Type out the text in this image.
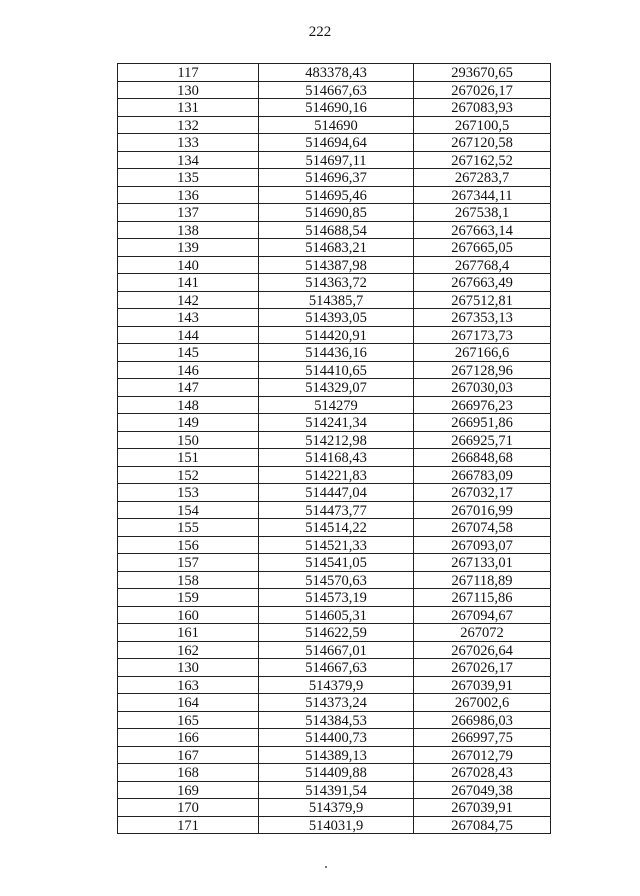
222
117	483378,43	293670,65
130	514667,63	267026,17
131	514690,16	267083,93
132	514690	267100,5
133	514694,64	267120,58
134	514697,11	267162,52
135	514696,37	267283,7
136	514695,46	267344,11
137	514690,85	267538,1
138	514688,54	267663,14
139	514683,21	267665,05
140	514387,98	267768,4
141	514363,72	267663,49
142	514385,7	267512,81
143	514393,05	267353,13
144	514420,91	267173,73
145	514436,16	267166,6
146	514410,65	267128,96
147	514329,07	267030,03
148	514279	266976,23
149	514241,34	266951,86
150	514212,98	266925,71
151	514168,43	266848,68
152	514221,83	266783,09
153	514447,04	267032,17
154	514473,77	267016,99
155	514514,22	267074,58
156	514521,33	267093,07
157	514541,05	267133,01
158	514570,63	267118,89
159	514573,19	267115,86
160	514605,31	267094,67
161	514622,59	267072
162	514667,01	267026,64
130	514667,63	267026,17
163	514379,9	267039,91
164	514373,24	267002,6
165	514384,53	266986,03
166	514400,73	266997,75
167	514389,13	267012,79
168	514409,88	267028,43
169	514391,54	267049,38
170	514379,9	267039,91
171	514031,9	267084,75
